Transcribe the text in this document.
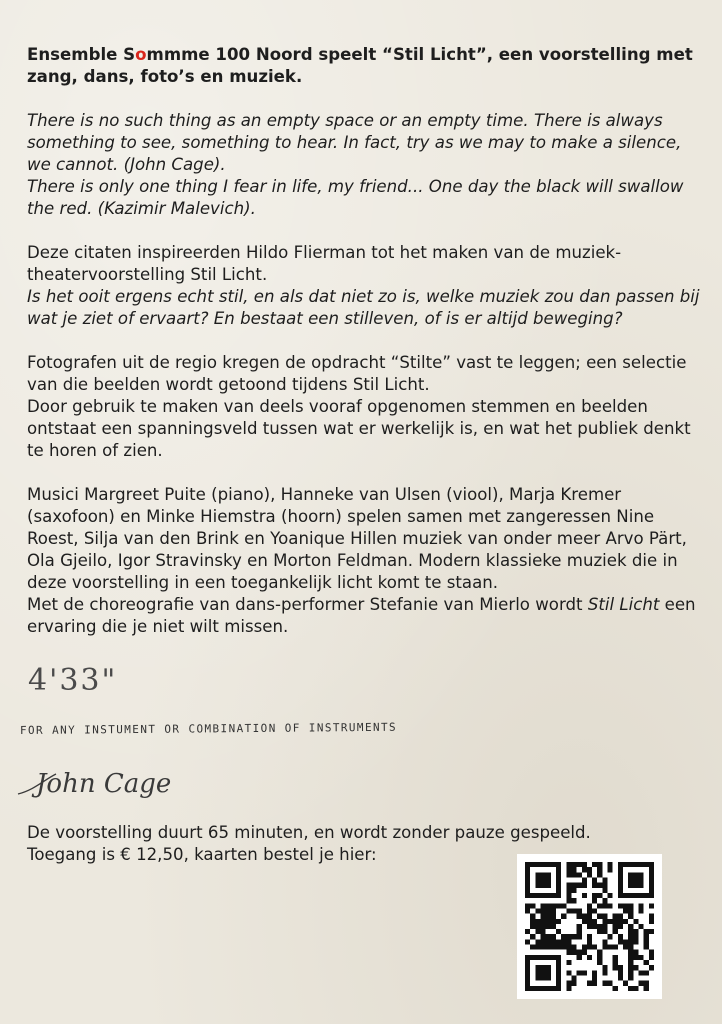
Ensemble Sommme 100 Noord speelt “Stil Licht”, een voorstelling met zang, dans, foto’s en muziek.

There is no such thing as an empty space or an empty time. There is always something to see, something to hear. In fact, try as we may to make a silence, we cannot. (John Cage).

There is only one thing I fear in life, my friend... One day the black will swallow the red. (Kazimir Malevich).

Deze citaten inspireerden Hildo Flierman tot het maken van de muziek-theatervoorstelling Stil Licht.

Is het ooit ergens echt stil, en als dat niet zo is, welke muziek zou dan passen bij wat je ziet of ervaart? En bestaat een stilleven, of is er altijd beweging?

Fotografen uit de regio kregen de opdracht “Stilte” vast te leggen; een selectie van die beelden wordt getoond tijdens Stil Licht.

Door gebruik te maken van deels vooraf opgenomen stemmen en beelden ontstaat een spanningsveld tussen wat er werkelijk is, en wat het publiek denkt te horen of zien.

Musici Margreet Puite (piano), Hanneke van Ulsen (viool), Marja Kremer (saxofoon) en Minke Hiemstra (hoorn) spelen samen met zangeressen Nine Roest, Silja van den Brink en Yoanique Hillen muziek van onder meer Arvo Pärt, Ola Gjeilo, Igor Stravinsky en Morton Feldman. Modern klassieke muziek die in deze voorstelling in een toegankelijk licht komt te staan.

Met de choreografie van dans-performer Stefanie van Mierlo wordt Stil Licht een ervaring die je niet wilt missen.

4'33"
FOR ANY INSTUMENT OR COMBINATION OF INSTRUMENTS
John Cage
De voorstelling duurt 65 minuten, en wordt zonder pauze gespeeld.
Toegang is € 12,50, kaarten bestel je hier:
